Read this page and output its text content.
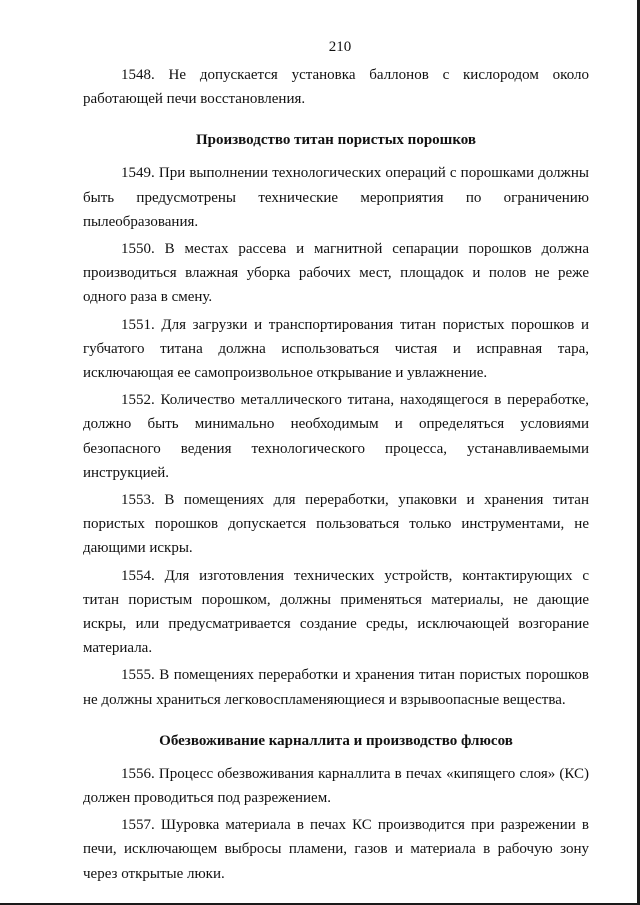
210

1548. Не допускается установка баллонов с кислородом около работающей печи восстановления.

Производство титан пористых порошков

1549. При выполнении технологических операций с порошками должны быть предусмотрены технические мероприятия по ограничению пылеобразования.

1550. В местах рассева и магнитной сепарации порошков должна производиться влажная уборка рабочих мест, площадок и полов не реже одного раза в смену.

1551. Для загрузки и транспортирования титан пористых порошков и губчатого титана должна использоваться чистая и исправная тара, исключающая ее самопроизвольное открывание и увлажнение.

1552. Количество металлического титана, находящегося в переработке, должно быть минимально необходимым и определяться условиями безопасного ведения технологического процесса, устанавливаемыми инструкцией.

1553. В помещениях для переработки, упаковки и хранения титан пористых порошков допускается пользоваться только инструментами, не дающими искры.

1554. Для изготовления технических устройств, контактирующих с титан пористым порошком, должны применяться материалы, не дающие искры, или предусматривается создание среды, исключающей возгорание материала.

1555. В помещениях переработки и хранения титан пористых порошков не должны храниться легковоспламеняющиеся и взрывоопасные вещества.

Обезвоживание карналлита и производство флюсов

1556. Процесс обезвоживания карналлита в печах «кипящего слоя» (КС) должен проводиться под разрежением.

1557. Шуровка материала в печах КС производится при разрежении в печи, исключающем выбросы пламени, газов и материала в рабочую зону через открытые люки.
